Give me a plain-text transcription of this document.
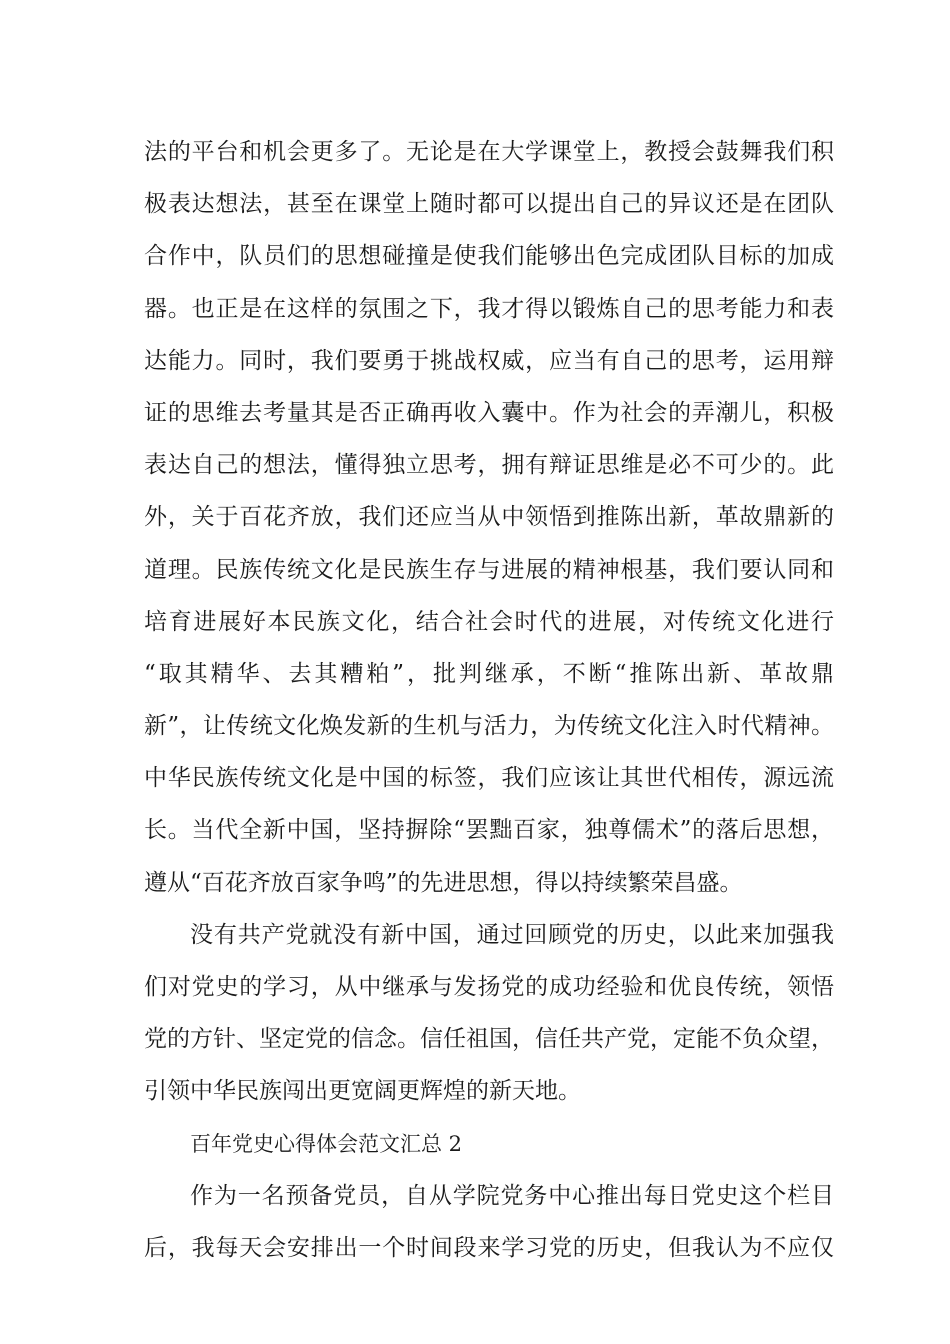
法的平台和机会更多了。无论是在大学课堂上，教授会鼓舞我们积
极表达想法，甚至在课堂上随时都可以提出自己的异议还是在团队
合作中，队员们的思想碰撞是使我们能够出色完成团队目标的加成
器。也正是在这样的氛围之下，我才得以锻炼自己的思考能力和表
达能力。同时，我们要勇于挑战权威，应当有自己的思考，运用辩
证的思维去考量其是否正确再收入囊中。作为社会的弄潮儿，积极
表达自己的想法，懂得独立思考，拥有辩证思维是必不可少的。此
外，关于百花齐放，我们还应当从中领悟到推陈出新，革故鼎新的
道理。民族传统文化是民族生存与进展的精神根基，我们要认同和
培育进展好本民族文化，结合社会时代的进展，对传统文化进行
“取其精华、去其糟粕”，批判继承，不断“推陈出新、革故鼎
新”，让传统文化焕发新的生机与活力，为传统文化注入时代精神。
中华民族传统文化是中国的标签，我们应该让其世代相传，源远流
长。当代全新中国，坚持摒除“罢黜百家，独尊儒术”的落后思想，
遵从“百花齐放百家争鸣”的先进思想，得以持续繁荣昌盛。
没有共产党就没有新中国，通过回顾党的历史，以此来加强我
们对党史的学习，从中继承与发扬党的成功经验和优良传统，领悟
党的方针、坚定党的信念。信任祖国，信任共产党，定能不负众望，
引领中华民族闯出更宽阔更辉煌的新天地。
百年党史心得体会范文汇总 2
作为一名预备党员，自从学院党务中心推出每日党史这个栏目
后，我每天会安排出一个时间段来学习党的历史，但我认为不应仅
